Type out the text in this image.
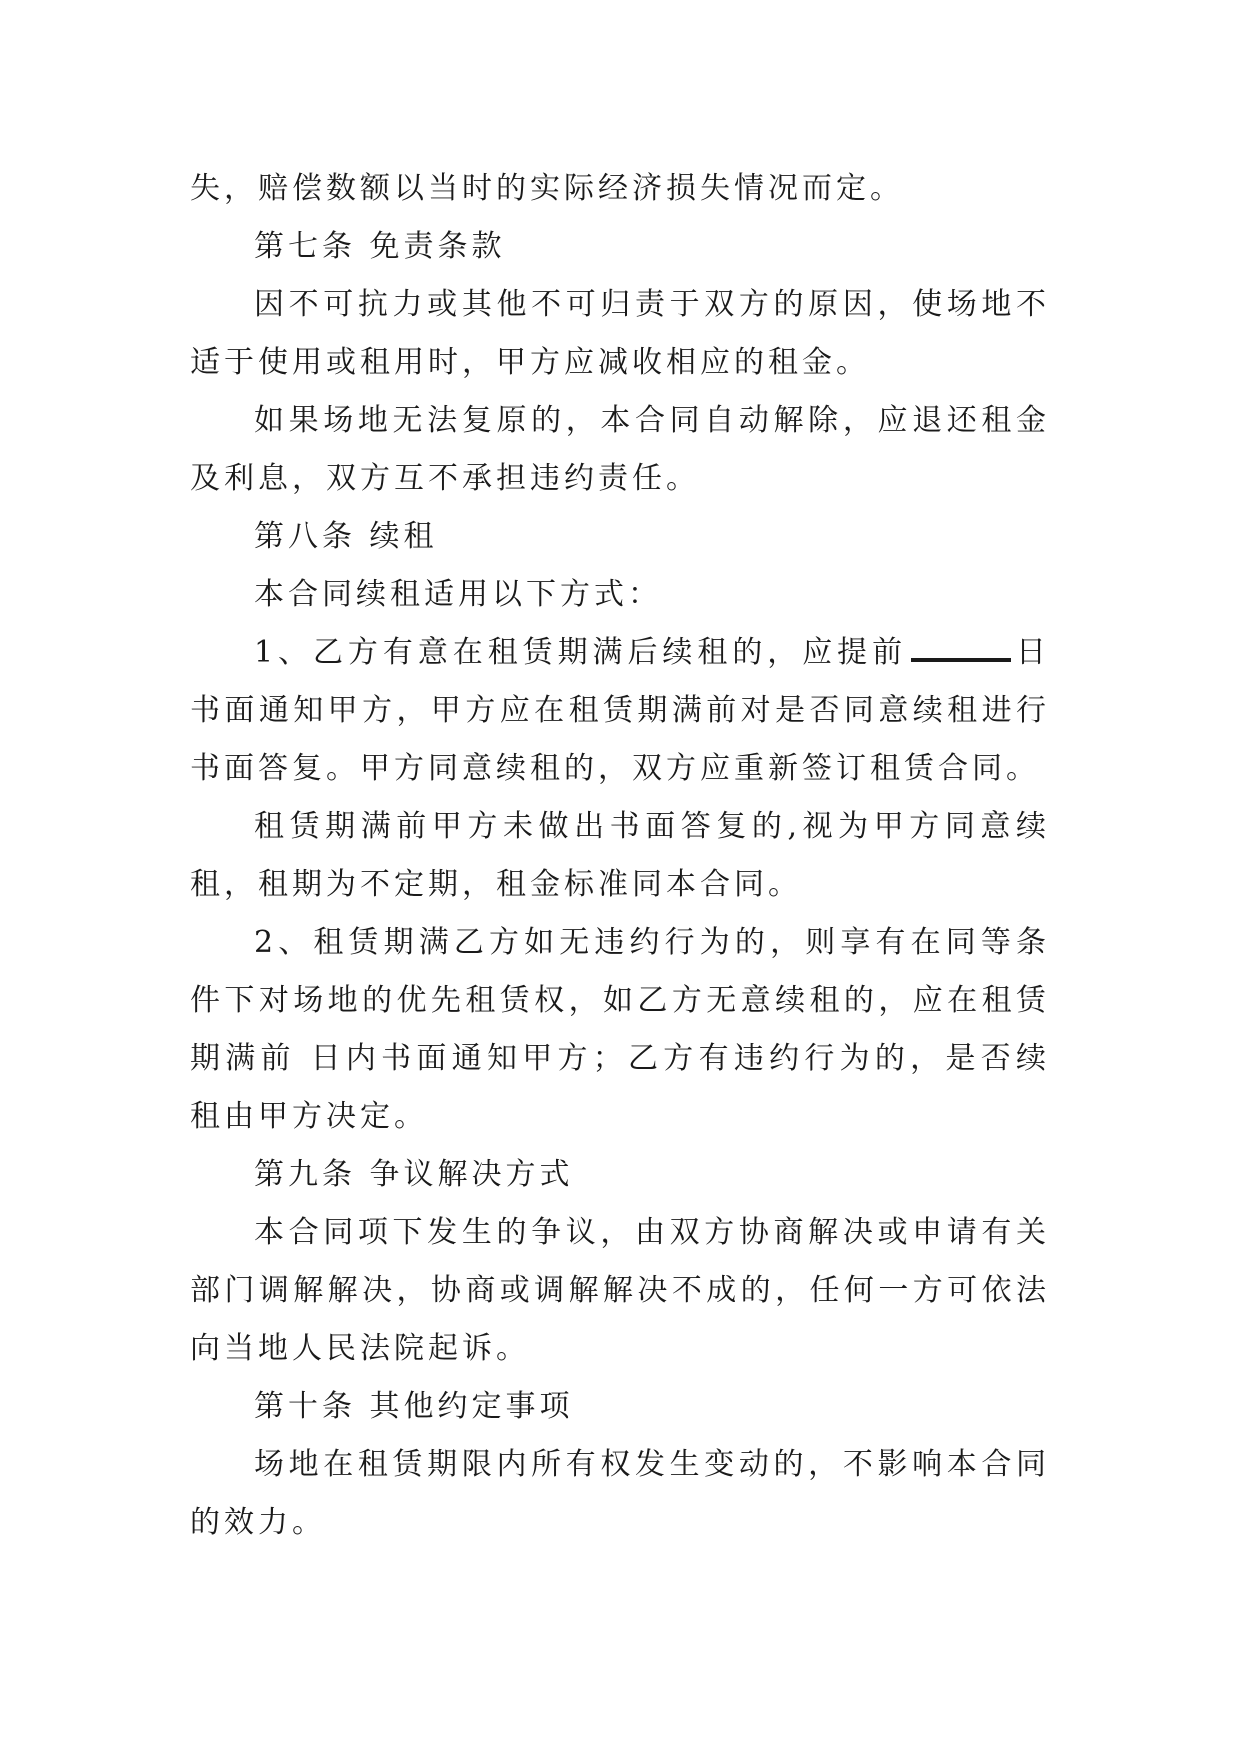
失，赔偿数额以当时的实际经济损失情况而定。

第七条 免责条款

因不可抗力或其他不可归责于双方的原因，使场地不适于使用或租用时，甲方应减收相应的租金。

如果场地无法复原的，本合同自动解除，应退还租金及利息，双方互不承担违约责任。

第八条 续租

本合同续租适用以下方式：

1、乙方有意在租赁期满后续租的，应提前	日书面通知甲方，甲方应在租赁期满前对是否同意续租进行书面答复。甲方同意续租的，双方应重新签订租赁合同。

租赁期满前甲方未做出书面答复的,视为甲方同意续租，租期为不定期，租金标准同本合同。

2、租赁期满乙方如无违约行为的，则享有在同等条件下对场地的优先租赁权，如乙方无意续租的，应在租赁期满前 日内书面通知甲方；乙方有违约行为的，是否续租由甲方决定。

第九条 争议解决方式

本合同项下发生的争议，由双方协商解决或申请有关部门调解解决，协商或调解解决不成的，任何一方可依法向当地人民法院起诉。

第十条 其他约定事项

场地在租赁期限内所有权发生变动的，不影响本合同的效力。
